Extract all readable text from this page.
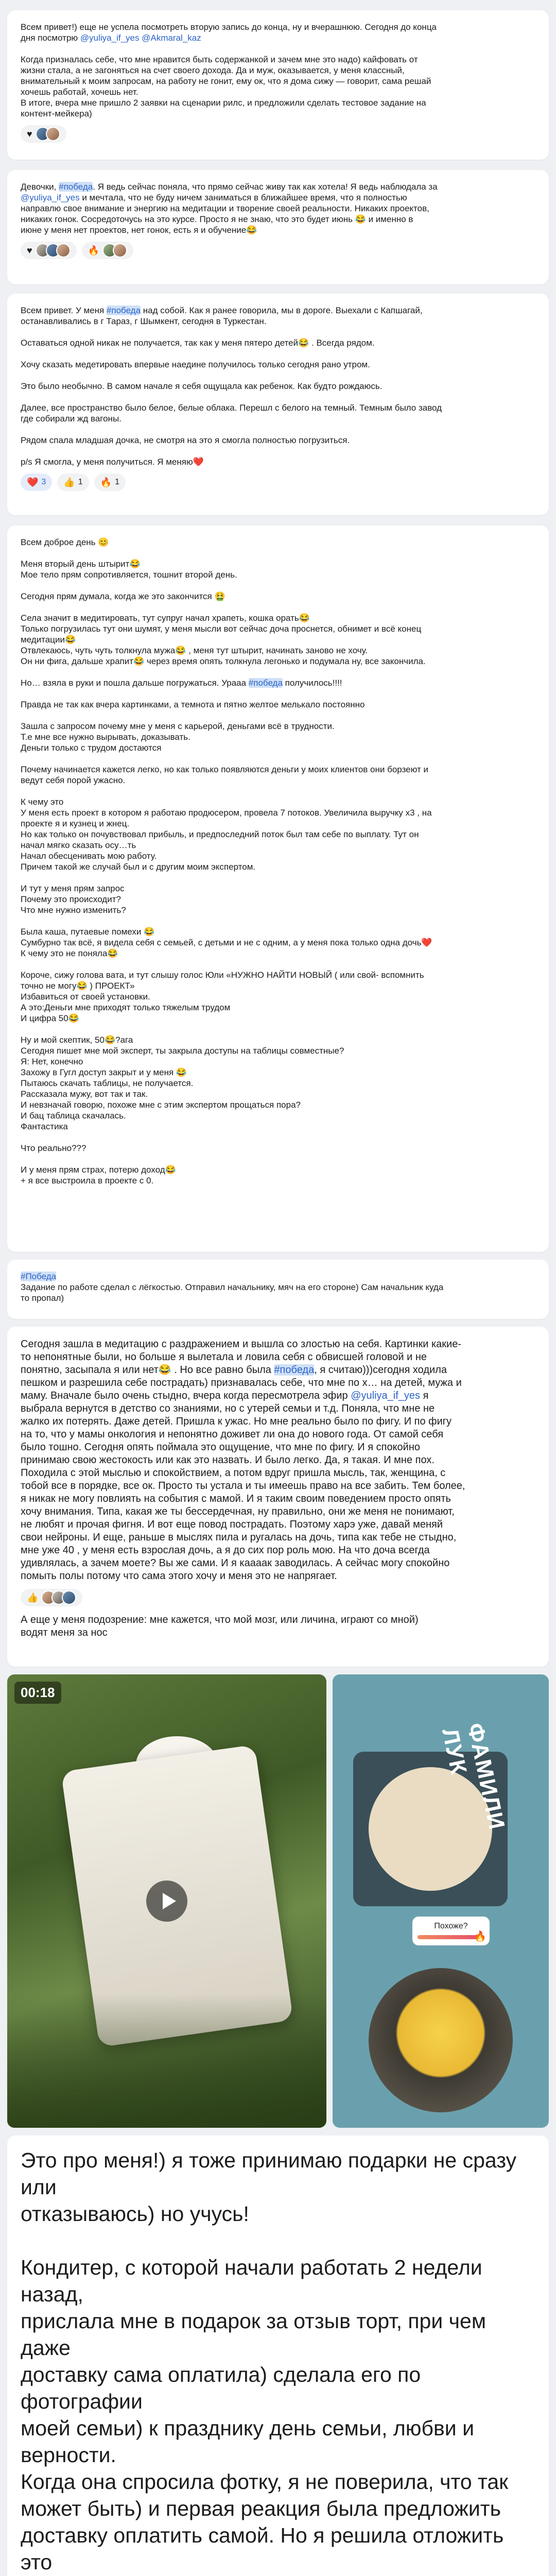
Всем привет!) еще не успела посмотреть вторую запись до конца, ну и вчерашнюю. Сегодня до конца
дня посмотрю @yuliya_if_yes @Akmaral_kaz
Когда призналась себе, что мне нравится быть содержанкой и зачем мне это надо) кайфовать от
жизни стала, а не загоняться на счет своего дохода. Да и муж, оказывается, у меня классный,
внимательный к моим запросам, на работу не гонит, ему ок, что я дома сижу — говорит, сама решай
хочешь работай, хочешь нет.
В итоге, вчера мне пришло 2 заявки на сценарии рилс, и предложили сделать тестовое задание на
контент-мейкера)
♥
Девочки, #победа. Я ведь сейчас поняла, что прямо сейчас живу так как хотела! Я ведь наблюдала за
@yuliya_if_yes и мечтала, что не буду ничем заниматься в ближайшее время, что я полностью
направлю свое внимание и энергию на медитации и творение своей реальности. Никаких проектов,
никаких гонок. Сосредоточусь на это курсе. Просто я не знаю, что это будет июнь 😂 и именно в
июне у меня нет проектов, нет гонок, есть я и обучение😂
♥	🔥
Всем привет. У меня #победа над собой. Как я ранее говорила, мы в дороге. Выехали с Капшагай,
останавливались в г Тараз, г Шымкент, сегодня в Туркестан.
Оставаться одной никак не получается, так как у меня пятеро детей😂 . Всегда рядом.
Хочу сказать медетировать впервые наедине получилось только сегодня рано утром.
Это было необычно. В самом начале я себя ощущала как ребенок. Как будто рождаюсь.
Далее, все пространство было белое, белые облака. Перешл с белого на темный. Темным было завод
где собирали жд вагоны.
Рядом спала младшая дочка, не смотря на это я смогла полностью погрузиться.
p/s Я смогла, у меня получиться. Я меняю❤️
❤️ 3 👍 1 🔥 1
Всем доброе день 😊
Меня вторый день штырит😂
Мое тело прям сопротивляется, тошнит второй день.
Сегодня прям думала, когда же это закончится 🤮
Села значит в медитировать, тут супруг начал храпеть, кошка орать😂
Только погрузилась тут они шумят, у меня мысли вот сейчас доча проснется, обнимет и всё конец
медитации😂
Отвлекаюсь, чуть чуть толкнула мужа😂 , меня тут штырит, начинать заново не хочу.
Он ни фига, дальше храпит😂 через время опять толкнула легонько и подумала ну, все закончила.
Но… взяла в руки и пошла дальше погружаться. Урааа #победа получилось!!!!
Правда не так как вчера картинками, а темнота и пятно желтое мелькало постоянно
Зашла с запросом почему мне у меня с карьерой, деньгами всё в трудности.
Т.е мне все нужно вырывать, доказывать.
Деньги только с трудом достаются
Почему начинается кажется легко, но как только появляются деньги у моих клиентов они борзеют и
ведут себя порой ужасно.
К чему это
У меня есть проект в котором я работаю продюсером, провела 7 потоков. Увеличила выручку х3 , на
проекте я и кузнец и жнец.
Но как только он почувствовал прибыль, и предпоследний поток был там себе по выплату. Тут он
начал мягко сказать осу…ть
Начал обесценивать мою работу.
Причем такой же случай был и с другим моим экспертом.
И тут у меня прям запрос
Почему это происходит?
Что мне нужно изменить?
Была каша, путаевые помехи 😂
Сумбурно так всё, я видела себя с семьей, с детьми и не с одним, а у меня пока только одна дочь❤️
К чему это не поняла😂
Короче, сижу голова вата, и тут слышу голос Юли «НУЖНО НАЙТИ НОВЫЙ ( или свой- вспомнить
точно не могу😂 ) ПРОЕКТ»
Избавиться от своей установки.
А это:Деньги мне приходят только тяжелым трудом
И цифра 50😂
Ну и мой скептик, 50😂?ага
Сегодня пишет мне мой эксперт, ты закрыла доступы на таблицы совместные?
Я: Нет, конечно
Захожу в Гугл доступ закрыт и у меня 😂
Пытаюсь скачать таблицы, не получается.
Рассказала мужу, вот так и так.
И невзначай говорю, похоже мне с этим экспертом прощаться пора?
И бац таблица скачалась.
Фантастика
Что реально???
И у меня прям страх, потерю доход😂
+ я все выстроила в проекте с 0.
#Победа
Задание по работе сделал с лёгкостью. Отправил начальнику, мяч на его стороне) Сам начальник куда
то пропал)
Сегодня зашла в медитацию с раздражением и вышла со злостью на себя. Картинки какие-
то непонятные были, но больше я вылетала и ловила себя с обвисшей головой и не
понятно, засыпала я или нет😂 . Но все равно была #победа, я считаю)))сегодня ходила
пешком и разрешила себе пострадать) признавалась себе, что мне по х… на детей, мужа и
маму. Вначале было очень стыдно, вчера когда пересмотрела эфир @yuliya_if_yes я
выбрала вернутся в детство со знаниями, но с утерей семьи и т.д. Поняла, что мне не
жалко их потерять. Даже детей. Пришла к ужас. Но мне реально было по фигу. И по фигу
на то, что у мамы онкология и непонятно доживет ли она до нового года. От самой себя
было тошно. Сегодня опять поймала это ощущение, что мне по фигу. И я спокойно
принимаю свою жестокость или как это назвать. И было легко. Да, я такая. И мне пох.
Походила с этой мыслью и спокойствием, а потом вдруг пришла мысль, так, женщина, с
тобой все в порядке, все ок. Просто ты устала и ты имеешь право на все забить. Тем более,
я никак не могу повлиять на события с мамой. И я таким своим поведением просто опять
хочу внимания. Типа, какая же ты бессердечная, ну правильно, они же меня не понимают,
не любят и прочая фигня. И вот еще повод пострадать. Поэтому харэ уже, давай меняй
свои нейроны. И еще, раньше в мыслях пила и ругалась на дочь, типа как тебе не стыдно,
мне уже 40 , у меня есть взрослая дочь, а я до сих пор роль мою. На что доча всегда
удивлялась, а зачем моете? Вы же сами. И я каааак заводилась. А сейчас могу спокойно
помыть полы потому что сама этого хочу и меня это не напрягает.
👍
А еще у меня подозрение: мне кажется, что мой мозг, или личина, играют со мной)
водят меня за нос
00:18
ФАМИЛИ ЛУК
Похоже?
🔥
Это про меня!) я тоже принимаю подарки не сразу или
отказываюсь) но учусь!
Кондитер, с которой начали работать 2 недели назад,
прислала мне в подарок за отзыв торт, при чем даже
доставку сама оплатила) сделала его по фотографии
моей семьи) к празднику день семьи, любви и
верности.
Когда она спросила фотку, я не поверила, что так
может быть) и первая реакция была предложить
доставку оплатить самой. Но я решила отложить это
